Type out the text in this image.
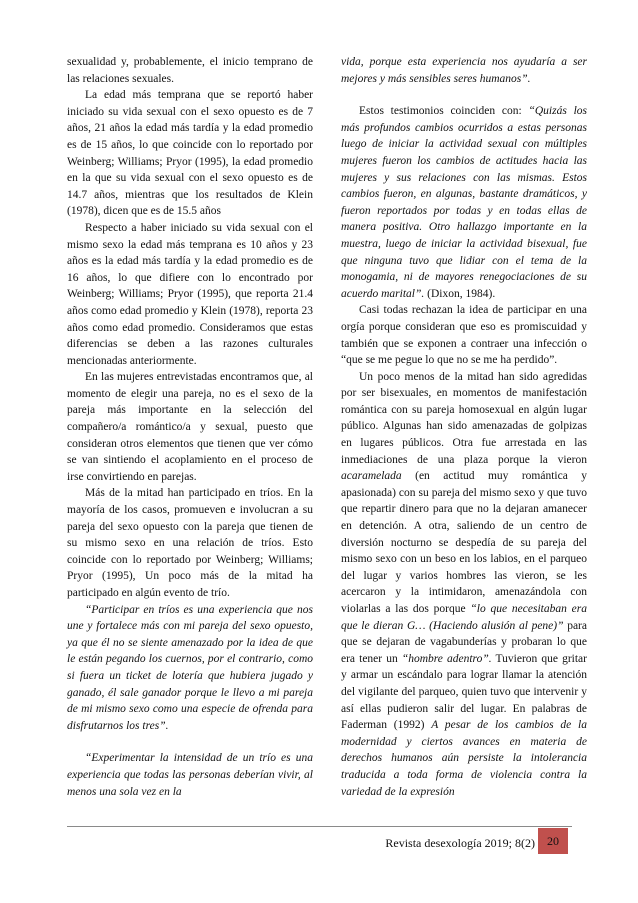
sexualidad y, probablemente, el inicio temprano de las relaciones sexuales.

La edad más temprana que se reportó haber iniciado su vida sexual con el sexo opuesto es de 7 años, 21 años la edad más tardía y la edad promedio es de 15 años, lo que coincide con lo reportado por Weinberg; Williams; Pryor (1995), la edad promedio en la que su vida sexual con el sexo opuesto es de 14.7 años, mientras que los resultados de Klein (1978), dicen que es de 15.5 años

Respecto a haber iniciado su vida sexual con el mismo sexo la edad más temprana es 10 años y 23 años es la edad más tardía y la edad promedio es de 16 años, lo que difiere con lo encontrado por Weinberg; Williams; Pryor (1995), que reporta 21.4 años como edad promedio y Klein (1978), reporta 23 años como edad promedio. Consideramos que estas diferencias se deben a las razones culturales mencionadas anteriormente.

En las mujeres entrevistadas encontramos que, al momento de elegir una pareja, no es el sexo de la pareja más importante en la selección del compañero/a romántico/a y sexual, puesto que consideran otros elementos que tienen que ver cómo se van sintiendo el acoplamiento en el proceso de irse convirtiendo en parejas.

Más de la mitad han participado en tríos. En la mayoría de los casos, promueven e involucran a su pareja del sexo opuesto con la pareja que tienen de su mismo sexo en una relación de tríos. Esto coincide con lo reportado por Weinberg; Williams; Pryor (1995), Un poco más de la mitad ha participado en algún evento de trío.

“Participar en tríos es una experiencia que nos une y fortalece más con mi pareja del sexo opuesto, ya que él no se siente amenazado por la idea de que le están pegando los cuernos, por el contrario, como si fuera un ticket de lotería que hubiera jugado y ganado, él sale ganador porque le llevo a mi pareja de mi mismo sexo como una especie de ofrenda para disfrutarnos los tres”.

“Experimentar la intensidad de un trío es una experiencia que todas las personas deberían vivir, al menos una sola vez en la

vida, porque esta experiencia nos ayudaría a ser mejores y más sensibles seres humanos”.

Estos testimonios coinciden con: “Quizás los más profundos cambios ocurridos a estas personas luego de iniciar la actividad sexual con múltiples mujeres fueron los cambios de actitudes hacia las mujeres y sus relaciones con las mismas. Estos cambios fueron, en algunas, bastante dramáticos, y fueron reportados por todas y en todas ellas de manera positiva. Otro hallazgo importante en la muestra, luego de iniciar la actividad bisexual, fue que ninguna tuvo que lidiar con el tema de la monogamia, ni de mayores renegociaciones de su acuerdo marital”. (Dixon, 1984).

Casi todas rechazan la idea de participar en una orgía porque consideran que eso es promiscuidad y también que se exponen a contraer una infección o “que se me pegue lo que no se me ha perdido”.

Un poco menos de la mitad han sido agredidas por ser bisexuales, en momentos de manifestación romántica con su pareja homosexual en algún lugar público. Algunas han sido amenazadas de golpizas en lugares públicos. Otra fue arrestada en las inmediaciones de una plaza porque la vieron acaramelada (en actitud muy romántica y apasionada) con su pareja del mismo sexo y que tuvo que repartir dinero para que no la dejaran amanecer en detención. A otra, saliendo de un centro de diversión nocturno se despedía de su pareja del mismo sexo con un beso en los labios, en el parqueo del lugar y varios hombres las vieron, se les acercaron y la intimidaron, amenazándola con violarlas a las dos porque “lo que necesitaban era que le dieran G… (Haciendo alusión al pene)” para que se dejaran de vagabunderías y probaran lo que era tener un “hombre adentro”. Tuvieron que gritar y armar un escándalo para lograr llamar la atención del vigilante del parqueo, quien tuvo que intervenir y así ellas pudieron salir del lugar. En palabras de Faderman (1992) A pesar de los cambios de la modernidad y ciertos avances en materia de derechos humanos aún persiste la intolerancia traducida a toda forma de violencia contra la variedad de la expresión

Revista desexología 2019; 8(2)	20
